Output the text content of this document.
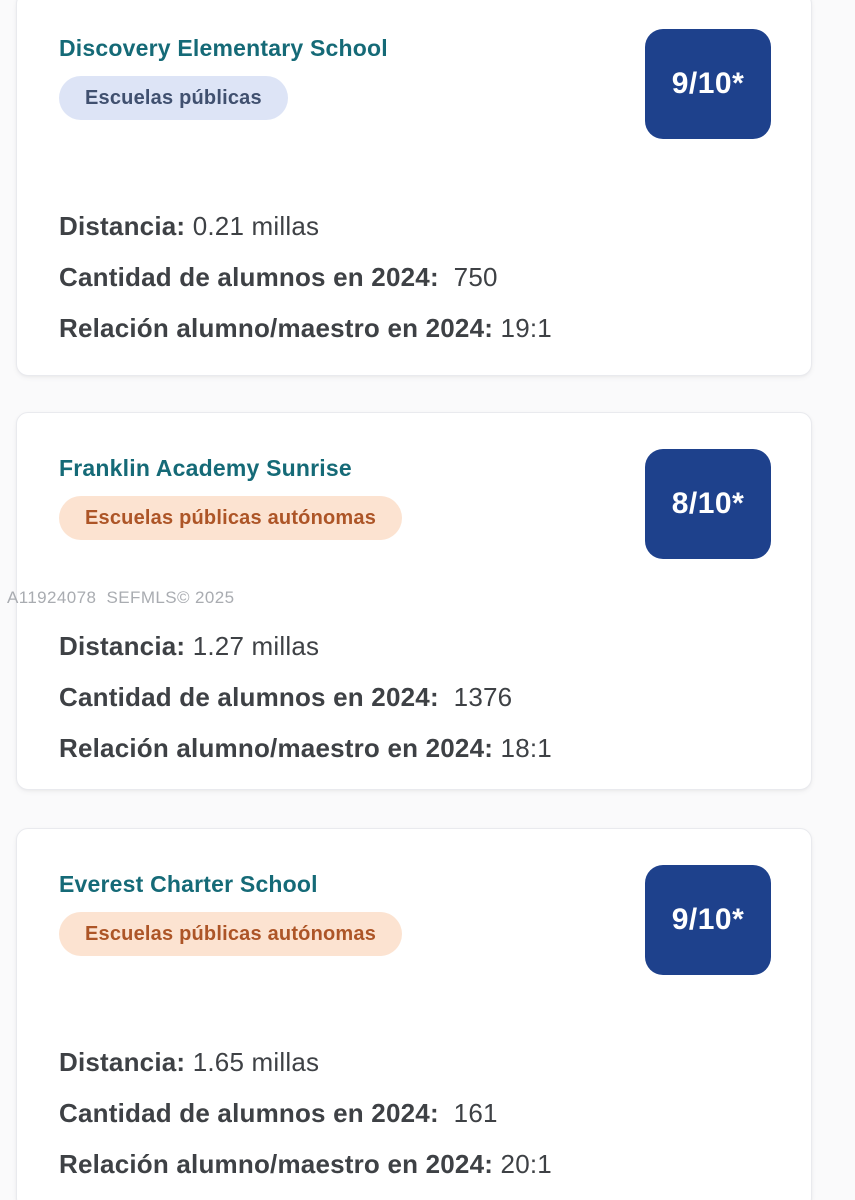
Discovery Elementary School
Escuelas públicas	9/10*
Distancia: 0.21 millas
Cantidad de alumnos en 2024:  750
Relación alumno/maestro en 2024: 19:1
Franklin Academy Sunrise
Escuelas públicas autónomas	8/10*
Distancia: 1.27 millas
Cantidad de alumnos en 2024:  1376
Relación alumno/maestro en 2024: 18:1
Everest Charter School
Escuelas públicas autónomas	9/10*
Distancia: 1.65 millas
Cantidad de alumnos en 2024:  161
Relación alumno/maestro en 2024: 20:1
A11924078  SEFMLS© 2025
